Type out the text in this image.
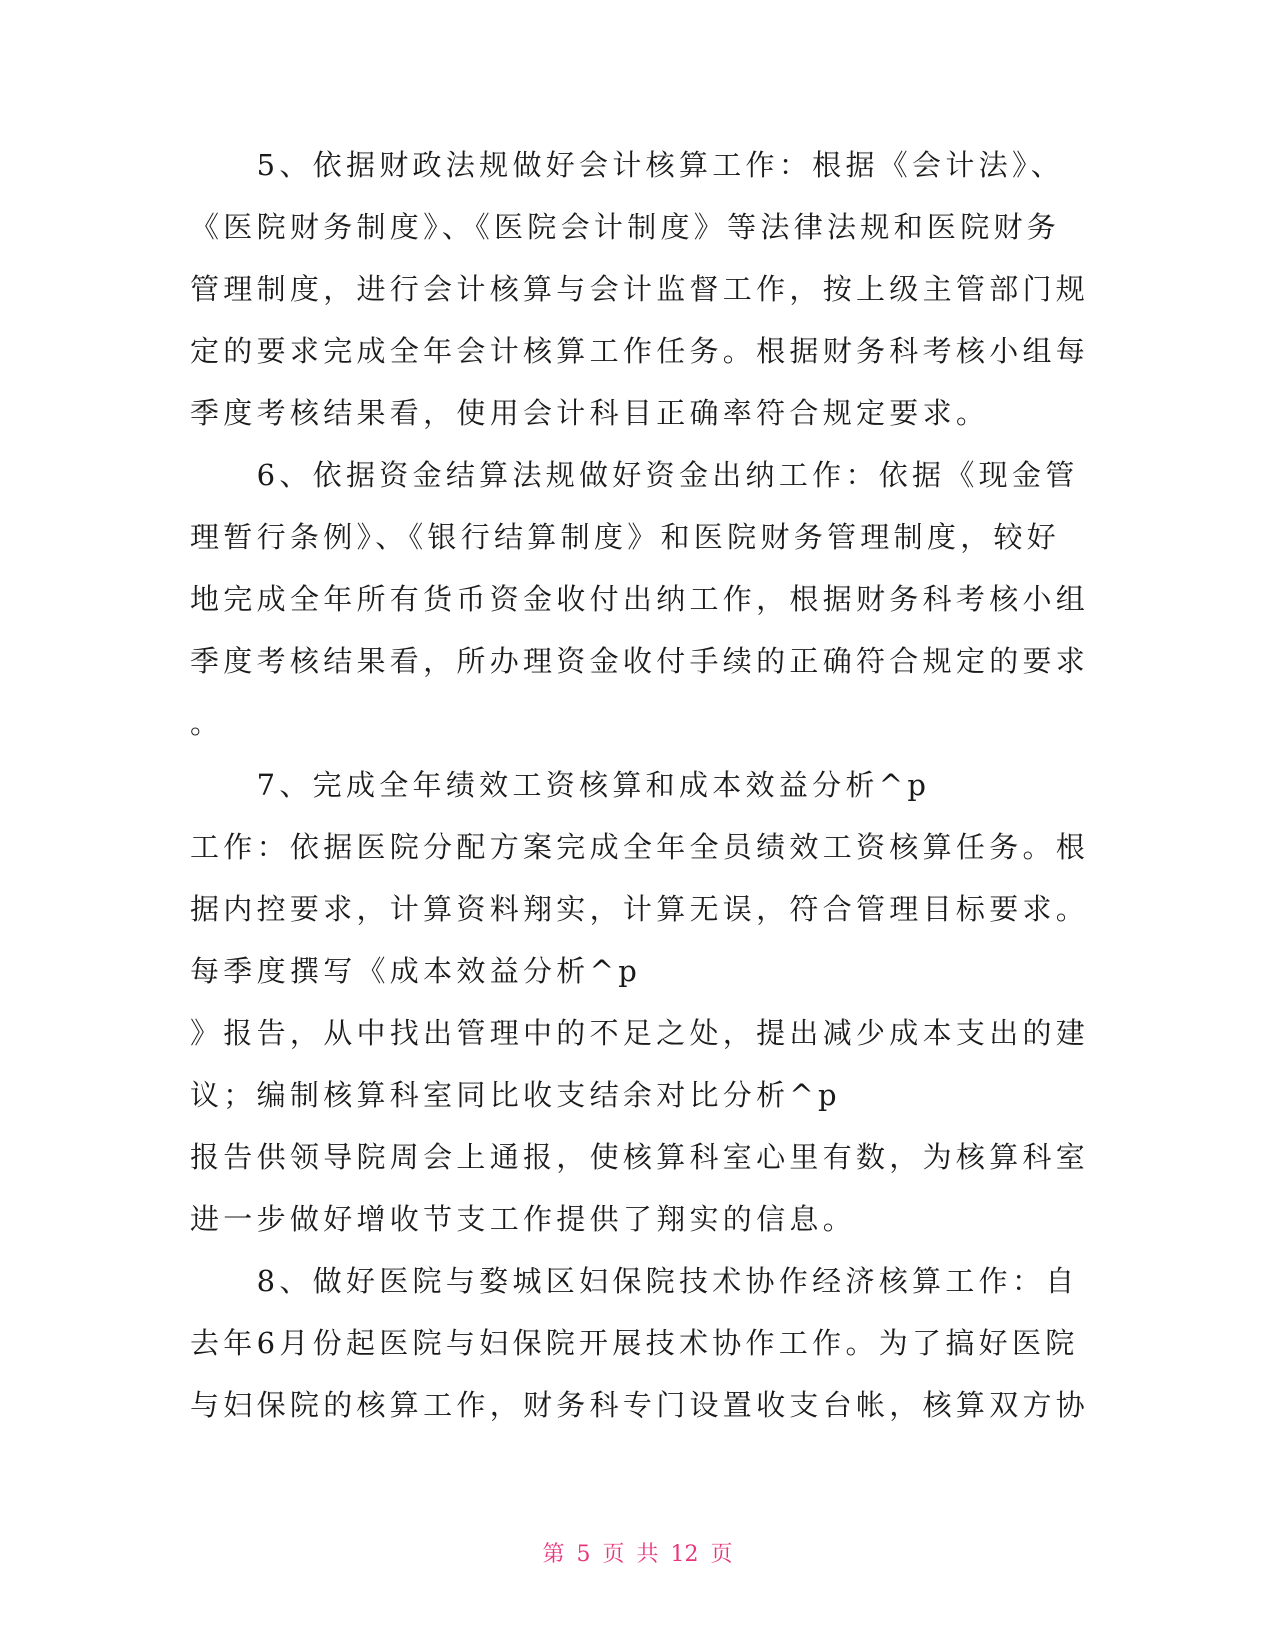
　　5、依据财政法规做好会计核算工作：根据《会计法》、
《医院财务制度》、《医院会计制度》等法律法规和医院财务
管理制度，进行会计核算与会计监督工作，按上级主管部门规
定的要求完成全年会计核算工作任务。根据财务科考核小组每
季度考核结果看，使用会计科目正确率符合规定要求。
　　6、依据资金结算法规做好资金出纳工作：依据《现金管
理暂行条例》、《银行结算制度》和医院财务管理制度，较好
地完成全年所有货币资金收付出纳工作，根据财务科考核小组
季度考核结果看，所办理资金收付手续的正确符合规定的要求
。
　　7、完成全年绩效工资核算和成本效益分析^p
工作：依据医院分配方案完成全年全员绩效工资核算任务。根
据内控要求，计算资料翔实，计算无误，符合管理目标要求。
每季度撰写《成本效益分析^p
》报告，从中找出管理中的不足之处，提出减少成本支出的建
议；编制核算科室同比收支结余对比分析^p
报告供领导院周会上通报，使核算科室心里有数，为核算科室
进一步做好增收节支工作提供了翔实的信息。
　　8、做好医院与婺城区妇保院技术协作经济核算工作：自
去年6月份起医院与妇保院开展技术协作工作。为了搞好医院
与妇保院的核算工作，财务科专门设置收支台帐，核算双方协
第 5 页 共 12 页
